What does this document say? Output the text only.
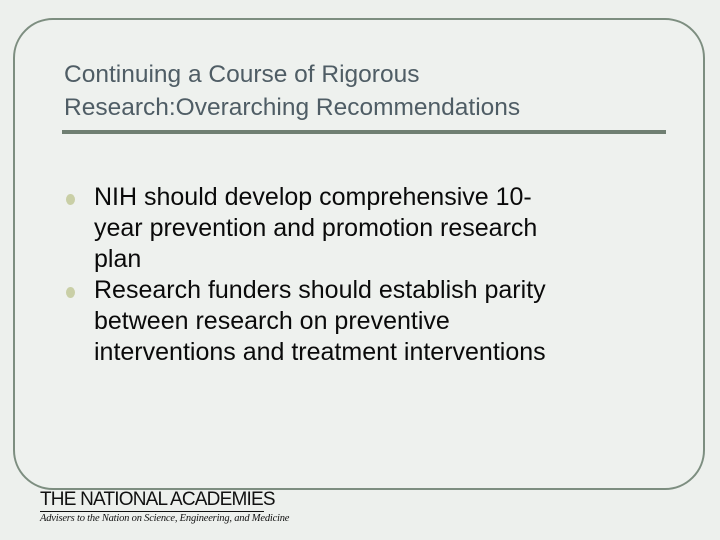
Continuing a Course of Rigorous
Research:Overarching Recommendations
NIH should develop comprehensive 10-
year prevention and promotion research
plan
Research funders should establish parity
between research on preventive
interventions and treatment interventions
THE NATIONAL ACADEMIES
Advisers to the Nation on Science, Engineering, and Medicine
